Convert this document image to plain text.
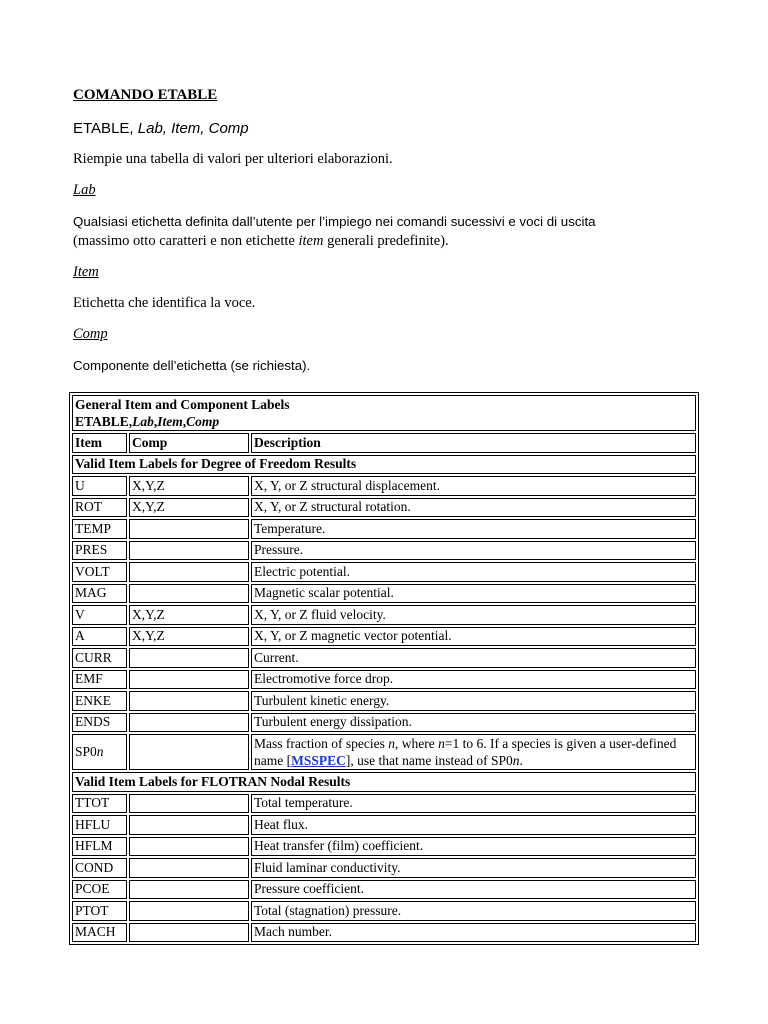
COMANDO ETABLE

ETABLE, Lab, Item, Comp

Riempie una tabella di valori per ulteriori elaborazioni.

Lab

Qualsiasi etichetta definita dall’utente per l’impiego nei comandi sucessivi e voci di uscita
(massimo otto caratteri e non etichette item generali predefinite).

Item

Etichetta che identifica la voce.

Comp

Componente dell’etichetta (se richiesta).

General Item and Component Labels
ETABLE,Lab,Item,Comp		
Item	Comp	Description
Valid Item Labels for Degree of Freedom Results		
U	X,Y,Z	X, Y, or Z structural displacement.
ROT	X,Y,Z	X, Y, or Z structural rotation.
TEMP		Temperature.
PRES		Pressure.
VOLT		Electric potential.
MAG		Magnetic scalar potential.
V	X,Y,Z	X, Y, or Z fluid velocity.
A	X,Y,Z	X, Y, or Z magnetic vector potential.
CURR		Current.
EMF		Electromotive force drop.
ENKE		Turbulent kinetic energy.
ENDS		Turbulent energy dissipation.
SP0n		Mass fraction of species n, where n=1 to 6. If a species is given a user-defined name [MSSPEC], use that name instead of SP0n.
Valid Item Labels for FLOTRAN Nodal Results		
TTOT		Total temperature.
HFLU		Heat flux.
HFLM		Heat transfer (film) coefficient.
COND		Fluid laminar conductivity.
PCOE		Pressure coefficient.
PTOT		Total (stagnation) pressure.
MACH		Mach number.
